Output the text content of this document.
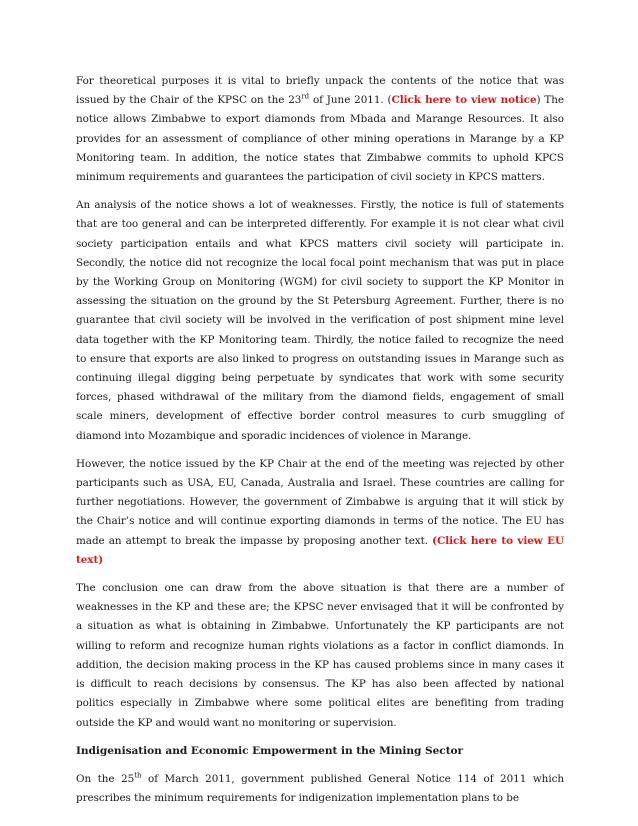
For theoretical purposes it is vital to briefly unpack the contents of the notice that was issued by the Chair of the KPSC on the 23rd of June 2011. (Click here to view notice) The notice allows Zimbabwe to export diamonds from Mbada and Marange Resources. It also provides for an assessment of compliance of other mining operations in Marange by a KP Monitoring team. In addition, the notice states that Zimbabwe commits to uphold KPCS minimum requirements and guarantees the participation of civil society in KPCS matters.

An analysis of the notice shows a lot of weaknesses. Firstly, the notice is full of statements that are too general and can be interpreted differently. For example it is not clear what civil society participation entails and what KPCS matters civil society will participate in. Secondly, the notice did not recognize the local focal point mechanism that was put in place by the Working Group on Monitoring (WGM) for civil society to support the KP Monitor in assessing the situation on the ground by the St Petersburg Agreement. Further, there is no guarantee that civil society will be involved in the verification of post shipment mine level data together with the KP Monitoring team. Thirdly, the notice failed to recognize the need to ensure that exports are also linked to progress on outstanding issues in Marange such as continuing illegal digging being perpetuate by syndicates that work with some security forces, phased withdrawal of the military from the diamond fields, engagement of small scale miners, development of effective border control measures to curb smuggling of diamond into Mozambique and sporadic incidences of violence in Marange.

However, the notice issued by the KP Chair at the end of the meeting was rejected by other participants such as USA, EU, Canada, Australia and Israel. These countries are calling for further negotiations. However, the government of Zimbabwe is arguing that it will stick by the Chair’s notice and will continue exporting diamonds in terms of the notice. The EU has made an attempt to break the impasse by proposing another text. (Click here to view EU text)

The conclusion one can draw from the above situation is that there are a number of weaknesses in the KP and these are; the KPSC never envisaged that it will be confronted by a situation as what is obtaining in Zimbabwe. Unfortunately the KP participants are not willing to reform and recognize human rights violations as a factor in conflict diamonds. In addition, the decision making process in the KP has caused problems since in many cases it is difficult to reach decisions by consensus. The KP has also been affected by national politics especially in Zimbabwe where some political elites are benefiting from trading outside the KP and would want no monitoring or supervision.

Indigenisation and Economic Empowerment in the Mining Sector

On the 25th of March 2011, government published General Notice 114 of 2011 which prescribes the minimum requirements for indigenization implementation plans to be
